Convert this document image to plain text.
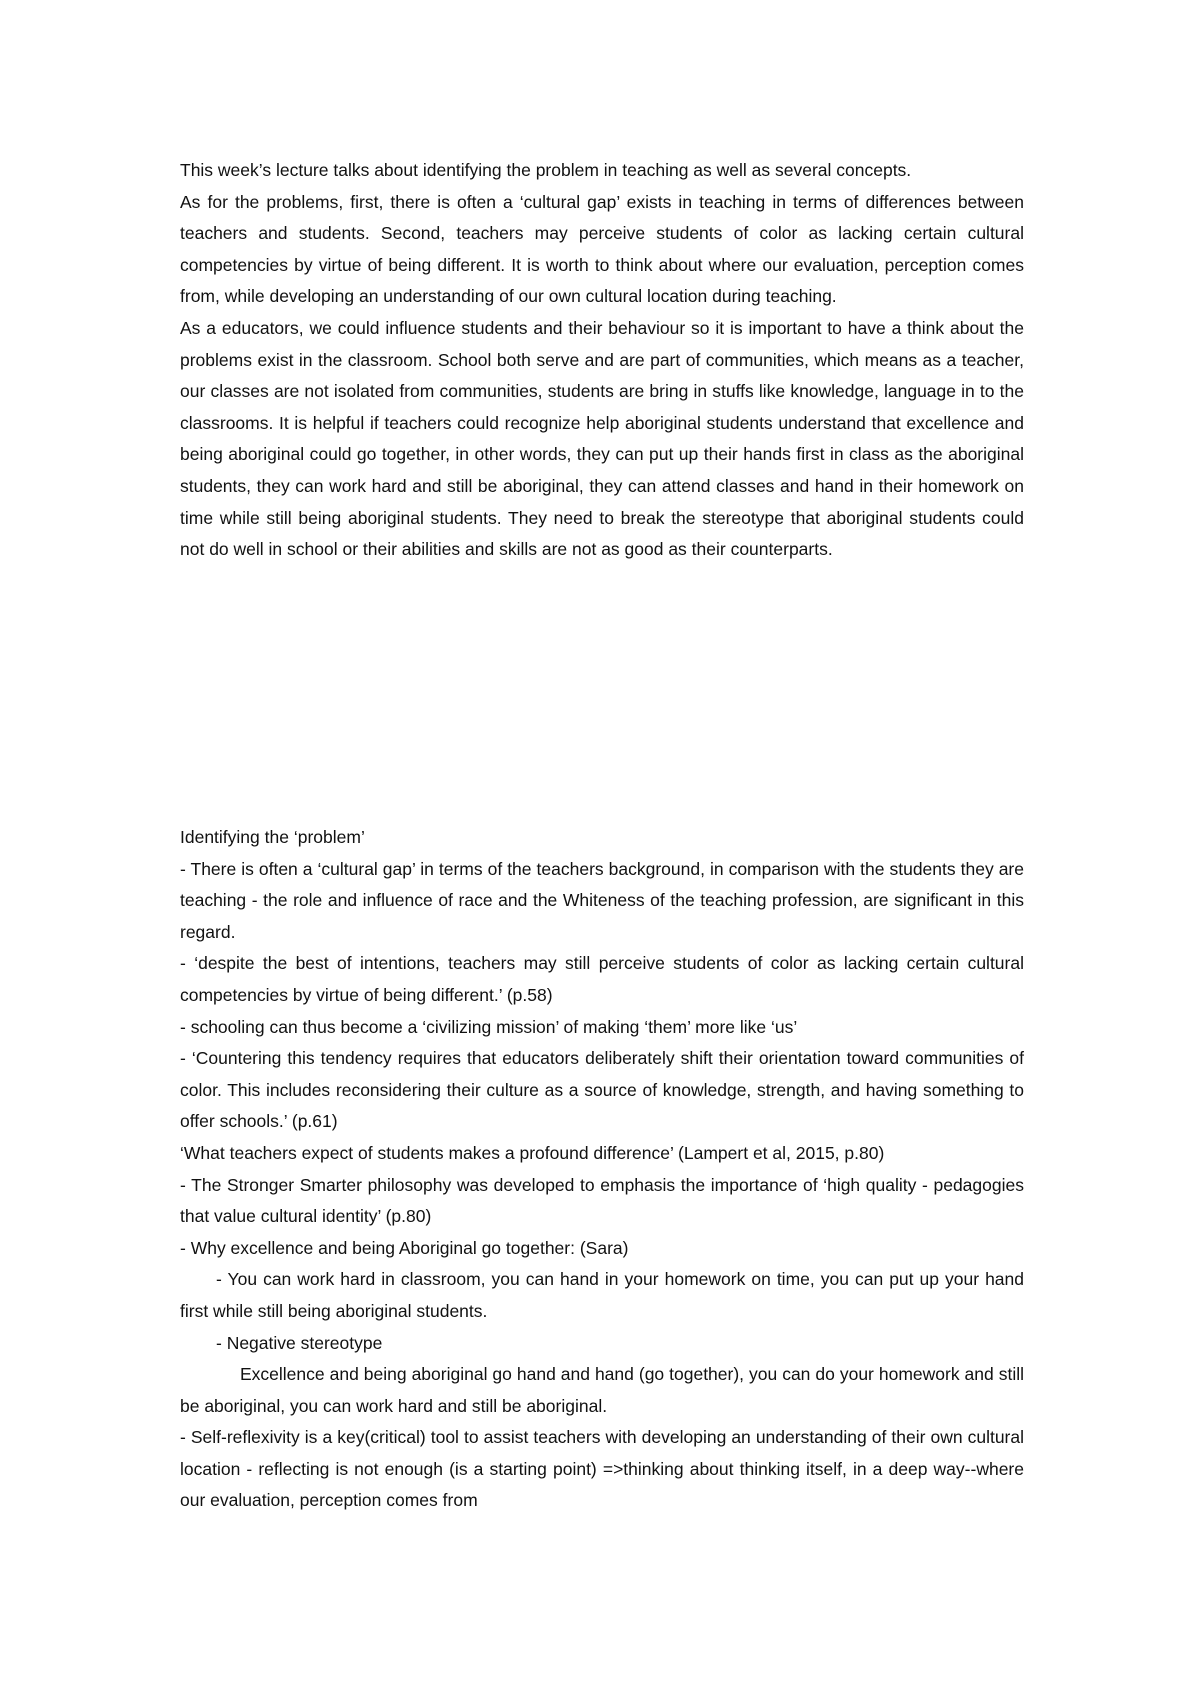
This week’s lecture talks about identifying the problem in teaching as well as several concepts.

As for the problems, first, there is often a ‘cultural gap’ exists in teaching in terms of differences between teachers and students. Second, teachers may perceive students of color as lacking certain cultural competencies by virtue of being different. It is worth to think about where our evaluation, perception comes from, while developing an understanding of our own cultural location during teaching.

As a educators, we could influence students and their behaviour so it is important to have a think about the problems exist in the classroom. School both serve and are part of communities, which means as a teacher, our classes are not isolated from communities, students are bring in stuffs like knowledge, language in to the classrooms. It is helpful if teachers could recognize help aboriginal students understand that excellence and being aboriginal could go together, in other words, they can put up their hands first in class as the aboriginal students, they can work hard and still be aboriginal, they can attend classes and hand in their homework on time while still being aboriginal students. They need to break the stereotype that aboriginal students could not do well in school or their abilities and skills are not as good as their counterparts.

Identifying the ‘problem’

- There is often a ‘cultural gap’ in terms of the teachers background, in comparison with the students they are teaching - the role and influence of race and the Whiteness of the teaching profession, are significant in this regard.

- ‘despite the best of intentions, teachers may still perceive students of color as lacking certain cultural competencies by virtue of being different.’ (p.58)

- schooling can thus become a ‘civilizing mission’ of making ‘them’ more like ‘us’

- ‘Countering this tendency requires that educators deliberately shift their orientation toward communities of color. This includes reconsidering their culture as a source of knowledge, strength, and having something to offer schools.’ (p.61)

‘What teachers expect of students makes a profound difference’ (Lampert et al, 2015, p.80)

- The Stronger Smarter philosophy was developed to emphasis the importance of ‘high quality - pedagogies that value cultural identity’ (p.80)

- Why excellence and being Aboriginal go together: (Sara)

- You can work hard in classroom, you can hand in your homework on time, you can put up your hand first while still being aboriginal students.

- Negative stereotype

Excellence and being aboriginal go hand and hand (go together), you can do your homework and still be aboriginal, you can work hard and still be aboriginal.

- Self-reflexivity is a key(critical) tool to assist teachers with developing an understanding of their own cultural location - reflecting is not enough (is a starting point) =>thinking about thinking itself, in a deep way--where our evaluation, perception comes from
